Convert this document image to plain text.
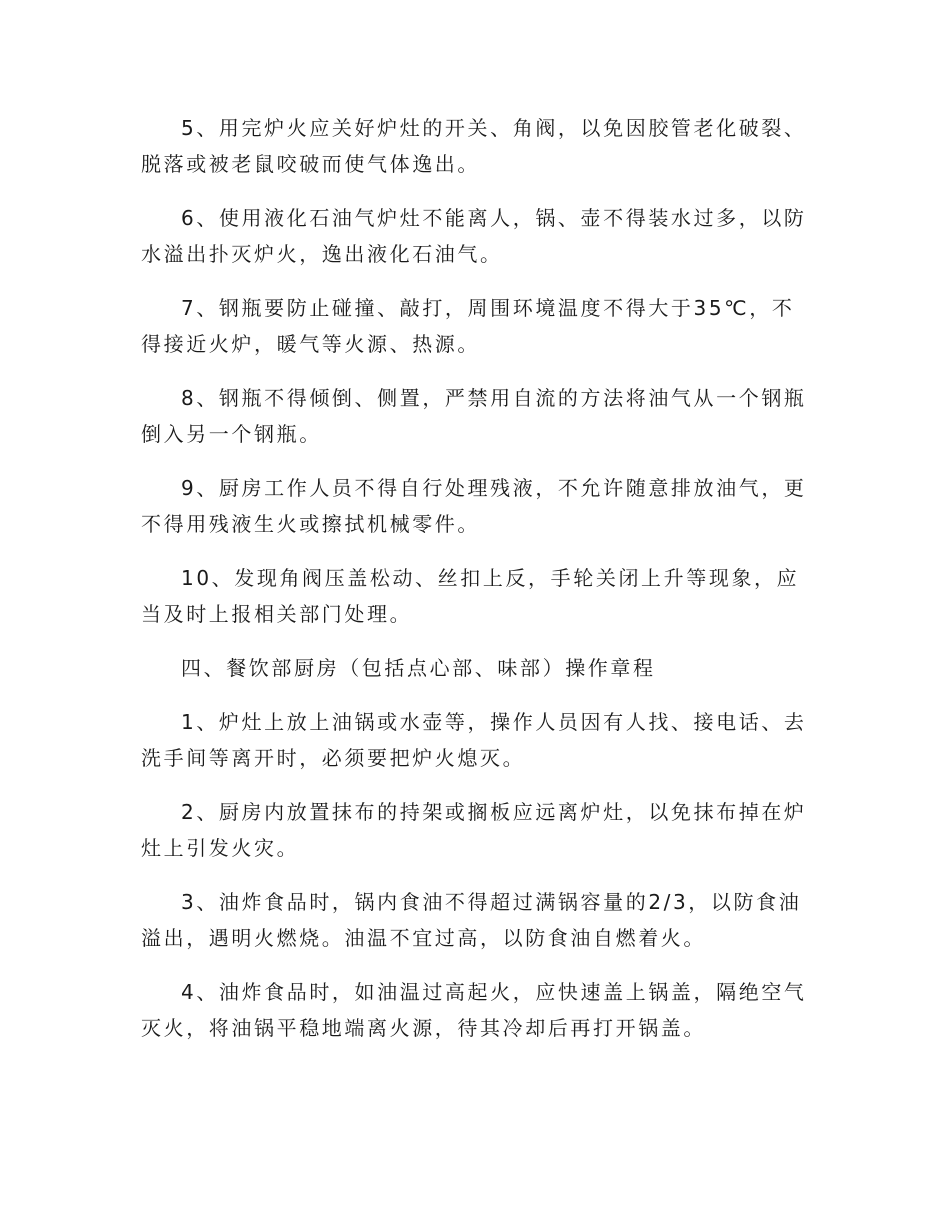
5、用完炉火应关好炉灶的开关、角阀，以免因胶管老化破裂、脱落或被老鼠咬破而使气体逸出。

6、使用液化石油气炉灶不能离人，锅、壶不得装水过多，以防水溢出扑灭炉火，逸出液化石油气。

7、钢瓶要防止碰撞、敲打，周围环境温度不得大于35℃，不得接近火炉，暖气等火源、热源。

8、钢瓶不得倾倒、侧置，严禁用自流的方法将油气从一个钢瓶倒入另一个钢瓶。

9、厨房工作人员不得自行处理残液，不允许随意排放油气，更不得用残液生火或擦拭机械零件。

10、发现角阀压盖松动、丝扣上反，手轮关闭上升等现象，应当及时上报相关部门处理。

四、餐饮部厨房（包括点心部、味部）操作章程

1、炉灶上放上油锅或水壶等，操作人员因有人找、接电话、去洗手间等离开时，必须要把炉火熄灭。

2、厨房内放置抹布的持架或搁板应远离炉灶，以免抹布掉在炉灶上引发火灾。

3、油炸食品时，锅内食油不得超过满锅容量的2/3，以防食油溢出，遇明火燃烧。油温不宜过高，以防食油自燃着火。

4、油炸食品时，如油温过高起火，应快速盖上锅盖，隔绝空气灭火，将油锅平稳地端离火源，待其冷却后再打开锅盖。
